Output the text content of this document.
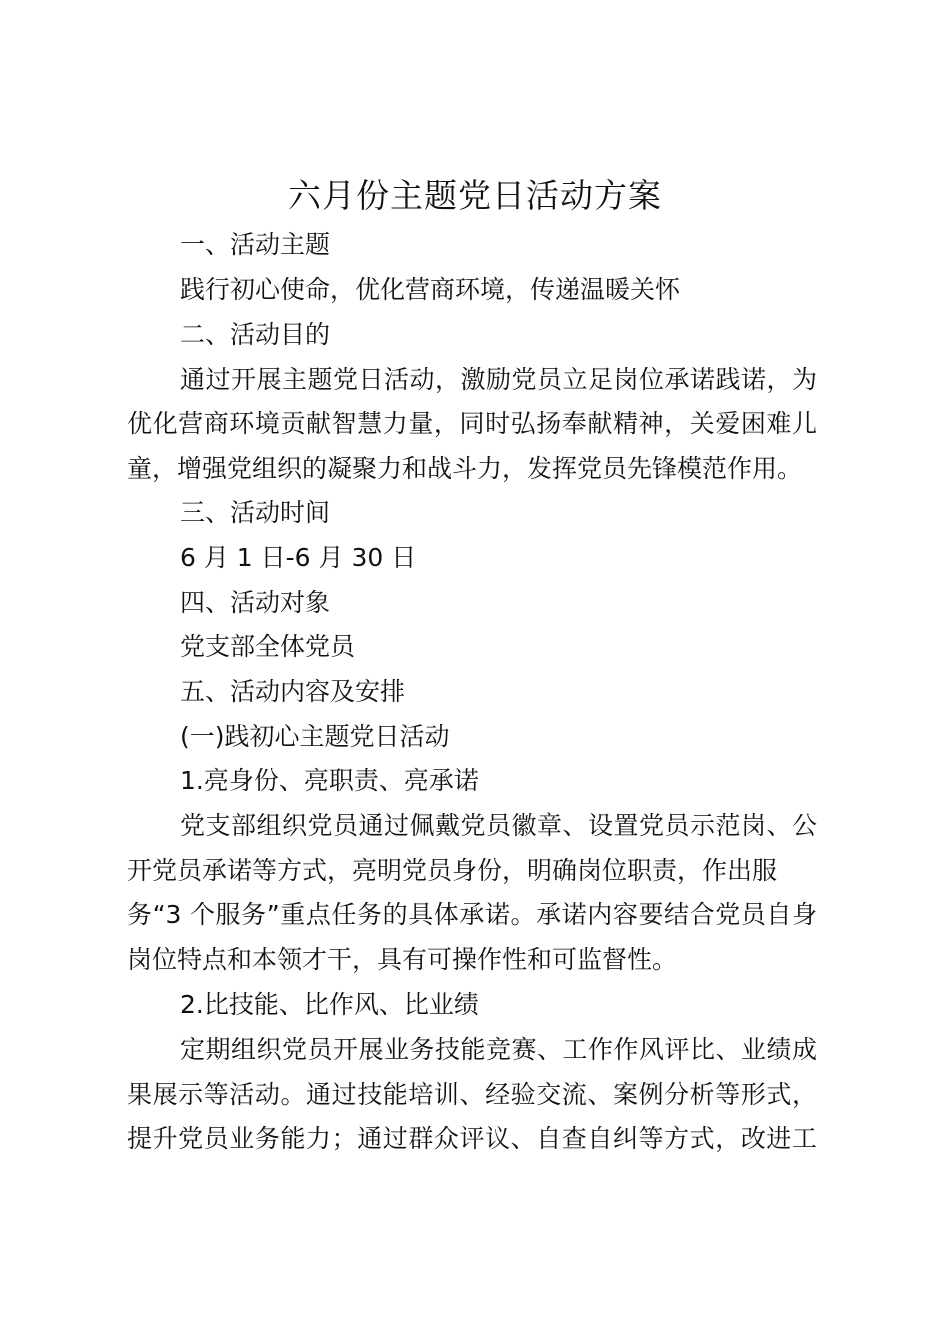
六月份主题党日活动方案
一、活动主题
践行初心使命，优化营商环境，传递温暖关怀
二、活动目的
通过开展主题党日活动，激励党员立足岗位承诺践诺，为
优化营商环境贡献智慧力量，同时弘扬奉献精神，关爱困难儿
童，增强党组织的凝聚力和战斗力，发挥党员先锋模范作用。
三、活动时间
6 月 1 日-6 月 30 日
四、活动对象
党支部全体党员
五、活动内容及安排
(一)践初心主题党日活动
1.亮身份、亮职责、亮承诺
党支部组织党员通过佩戴党员徽章、设置党员示范岗、公
开党员承诺等方式，亮明党员身份，明确岗位职责，作出服
务“3 个服务”重点任务的具体承诺。承诺内容要结合党员自身
岗位特点和本领才干，具有可操作性和可监督性。
2.比技能、比作风、比业绩
定期组织党员开展业务技能竞赛、工作作风评比、业绩成
果展示等活动。通过技能培训、经验交流、案例分析等形式，
提升党员业务能力；通过群众评议、自查自纠等方式，改进工
